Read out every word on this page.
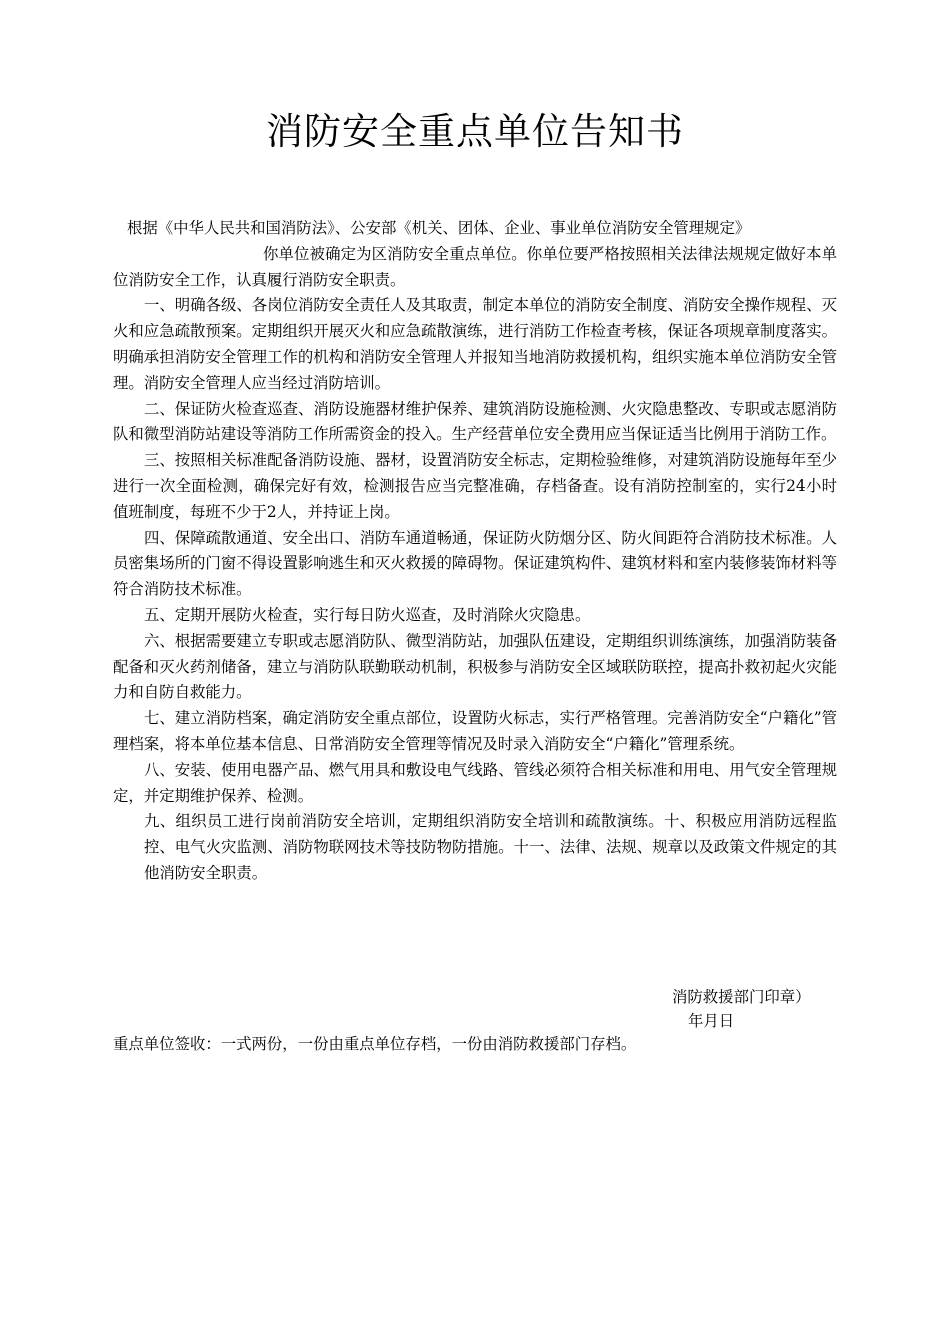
消防安全重点单位告知书

根据《中华人民共和国消防法》、公安部《机关、团体、企业、事业单位消防安全管理规定》

你单位被确定为区消防安全重点单位。你单位要严格按照相关法律法规规定做好本单位消防安全工作，认真履行消防安全职责。

一、明确各级、各岗位消防安全责任人及其取责，制定本单位的消防安全制度、消防安全操作规程、灭火和应急疏散预案。定期组织开展灭火和应急疏散演练，进行消防工作检查考核，保证各项规章制度落实。明确承担消防安全管理工作的机构和消防安全管理人并报知当地消防救援机构，组织实施本单位消防安全管理。消防安全管理人应当经过消防培训。

二、保证防火检查巡查、消防设施器材维护保养、建筑消防设施检测、火灾隐患整改、专职或志愿消防队和微型消防站建设等消防工作所需资金的投入。生产经营单位安全费用应当保证适当比例用于消防工作。

三、按照相关标准配备消防设施、器材，设置消防安全标志，定期检验维修，对建筑消防设施每年至少进行一次全面检测，确保完好有效，检测报告应当完整准确，存档备查。设有消防控制室的，实行24小时值班制度，每班不少于2人，并持证上岗。

四、保障疏散通道、安全出口、消防车通道畅通，保证防火防烟分区、防火间距符合消防技术标准。人员密集场所的门窗不得设置影响逃生和灭火救援的障碍物。保证建筑构件、建筑材料和室内装修装饰材料等符合消防技术标准。

五、定期开展防火检查，实行每日防火巡查，及时消除火灾隐患。

六、根据需要建立专职或志愿消防队、微型消防站，加强队伍建设，定期组织训练演练，加强消防装备配备和灭火药剂储备，建立与消防队联勤联动机制，积极参与消防安全区域联防联控，提高扑救初起火灾能力和自防自救能力。

七、建立消防档案，确定消防安全重点部位，设置防火标志，实行严格管理。完善消防安全“户籍化”管理档案，将本单位基本信息、日常消防安全管理等情况及时录入消防安全“户籍化”管理系统。

八、安装、使用电器产品、燃气用具和敷设电气线路、管线必须符合相关标准和用电、用气安全管理规定，并定期维护保养、检测。

九、组织员工进行岗前消防安全培训，定期组织消防安全培训和疏散演练。十、积极应用消防远程监控、电气火灾监测、消防物联网技术等技防物防措施。十一、法律、法规、规章以及政策文件规定的其他消防安全职责。

消防救援部门印章）
年月日
重点单位签收：一式两份，一份由重点单位存档，一份由消防救援部门存档。
